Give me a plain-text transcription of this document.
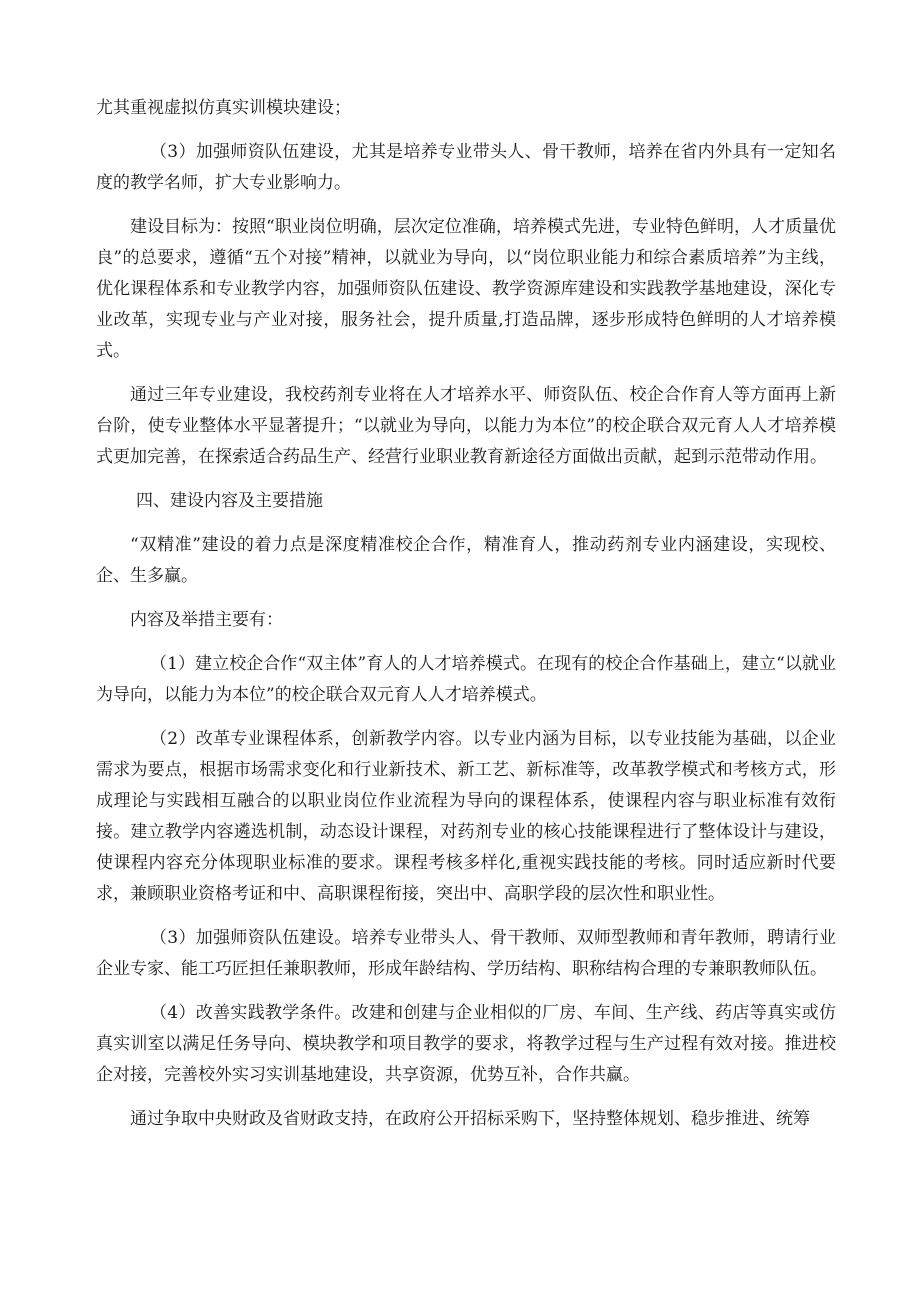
尤其重视虚拟仿真实训模块建设；

（3）加强师资队伍建设，尤其是培养专业带头人、骨干教师，培养在省内外具有一定知名度的教学名师，扩大专业影响力。

建设目标为：按照“职业岗位明确，层次定位准确，培养模式先进，专业特色鲜明，人才质量优良”的总要求，遵循“五个对接”精神，以就业为导向，以“岗位职业能力和综合素质培养”为主线，优化课程体系和专业教学内容，加强师资队伍建设、教学资源库建设和实践教学基地建设，深化专业改革，实现专业与产业对接，服务社会，提升质量,打造品牌，逐步形成特色鲜明的人才培养模式。

通过三年专业建设，我校药剂专业将在人才培养水平、师资队伍、校企合作育人等方面再上新台阶，使专业整体水平显著提升；“以就业为导向，以能力为本位”的校企联合双元育人人才培养模式更加完善，在探索适合药品生产、经营行业职业教育新途径方面做出贡献，起到示范带动作用。

四、建设内容及主要措施

“双精准”建设的着力点是深度精准校企合作，精准育人，推动药剂专业内涵建设，实现校、企、生多赢。

内容及举措主要有：

（1）建立校企合作“双主体”育人的人才培养模式。在现有的校企合作基础上，建立“以就业为导向，以能力为本位”的校企联合双元育人人才培养模式。

（2）改革专业课程体系，创新教学内容。以专业内涵为目标，以专业技能为基础，以企业需求为要点，根据市场需求变化和行业新技术、新工艺、新标准等，改革教学模式和考核方式，形成理论与实践相互融合的以职业岗位作业流程为导向的课程体系，使课程内容与职业标准有效衔接。建立教学内容遴选机制，动态设计课程，对药剂专业的核心技能课程进行了整体设计与建设，使课程内容充分体现职业标准的要求。课程考核多样化,重视实践技能的考核。同时适应新时代要求，兼顾职业资格考证和中、高职课程衔接，突出中、高职学段的层次性和职业性。

（3）加强师资队伍建设。培养专业带头人、骨干教师、双师型教师和青年教师，聘请行业企业专家、能工巧匠担任兼职教师，形成年龄结构、学历结构、职称结构合理的专兼职教师队伍。

（4）改善实践教学条件。改建和创建与企业相似的厂房、车间、生产线、药店等真实或仿真实训室以满足任务导向、模块教学和项目教学的要求，将教学过程与生产过程有效对接。推进校企对接，完善校外实习实训基地建设，共享资源，优势互补，合作共赢。

通过争取中央财政及省财政支持，在政府公开招标采购下，坚持整体规划、稳步推进、统筹
